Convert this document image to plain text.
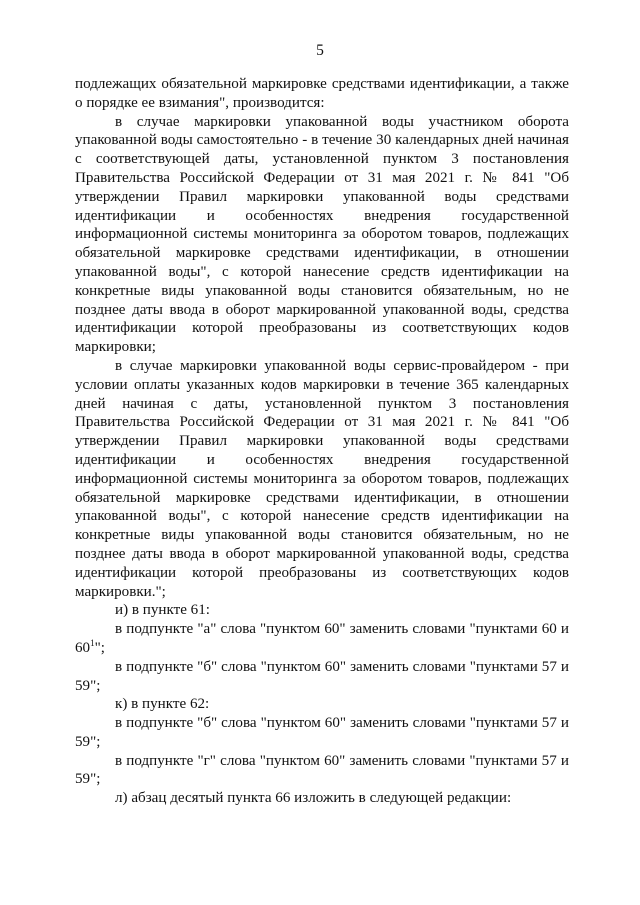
5

подлежащих обязательной маркировке средствами идентификации, а также о порядке ее взимания", производится:

в случае маркировки упакованной воды участником оборота упакованной воды самостоятельно - в течение 30 календарных дней начиная с соответствующей даты, установленной пунктом 3 постановления Правительства Российской Федерации от 31 мая 2021 г. № 841 "Об утверждении Правил маркировки упакованной воды средствами идентификации и особенностях внедрения государственной информационной системы мониторинга за оборотом товаров, подлежащих обязательной маркировке средствами идентификации, в отношении упакованной воды", с которой нанесение средств идентификации на конкретные виды упакованной воды становится обязательным, но не позднее даты ввода в оборот маркированной упакованной воды, средства идентификации которой преобразованы из соответствующих кодов маркировки;

в случае маркировки упакованной воды сервис-провайдером - при условии оплаты указанных кодов маркировки в течение 365 календарных дней начиная с даты, установленной пунктом 3 постановления Правительства Российской Федерации от 31 мая 2021 г. № 841 "Об утверждении Правил маркировки упакованной воды средствами идентификации и особенностях внедрения государственной информационной системы мониторинга за оборотом товаров, подлежащих обязательной маркировке средствами идентификации, в отношении упакованной воды", с которой нанесение средств идентификации на конкретные виды упакованной воды становится обязательным, но не позднее даты ввода в оборот маркированной упакованной воды, средства идентификации которой преобразованы из соответствующих кодов маркировки.";

и) в пункте 61:

в подпункте "а" слова "пунктом 60" заменить словами "пунктами 60 и $60^1$";

в подпункте "б" слова "пунктом 60" заменить словами "пунктами 57 и 59";

к) в пункте 62:

в подпункте "б" слова "пунктом 60" заменить словами "пунктами 57 и 59";

в подпункте "г" слова "пунктом 60" заменить словами "пунктами 57 и 59";

л) абзац десятый пункта 66 изложить в следующей редакции:
